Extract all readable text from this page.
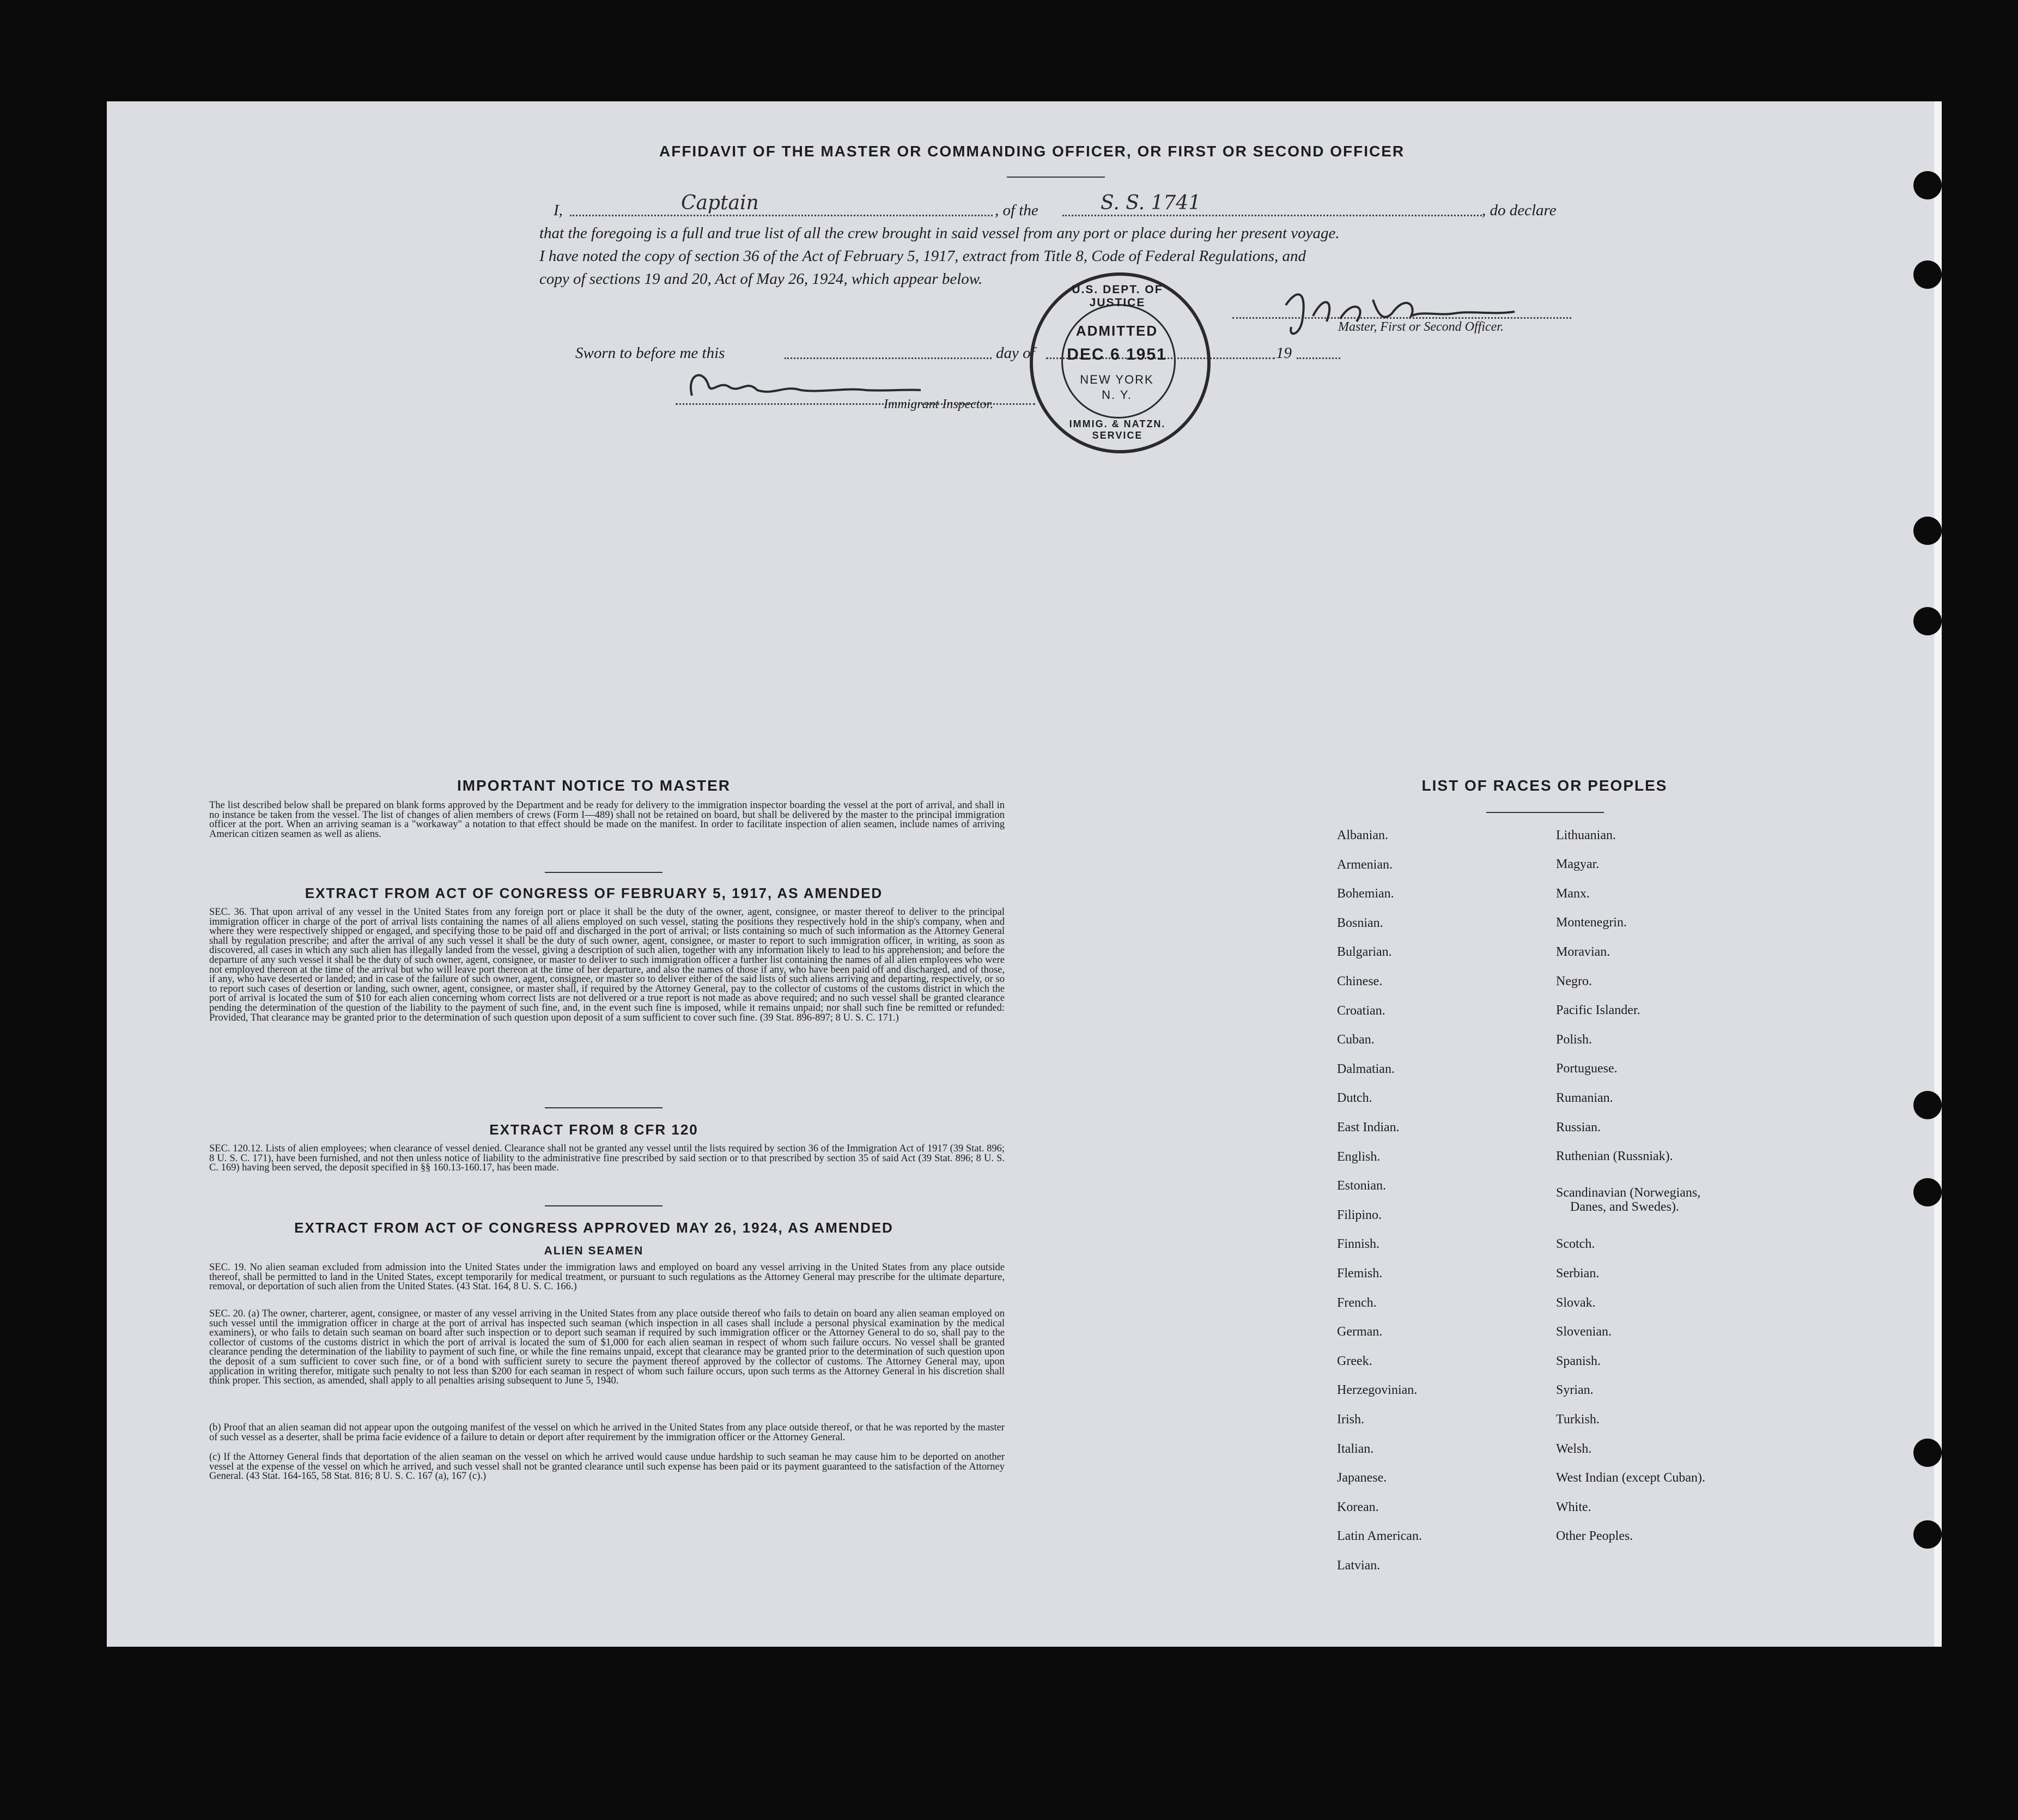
AFFIDAVIT OF THE MASTER OR COMMANDING OFFICER, OR FIRST OR SECOND OFFICER
I,	Captain	, of the	S. S. 1741	, do declare
that the foregoing is a full and true list of all the crew brought in said vessel from any port or place during her present voyage.
I have noted the copy of section 36 of the Act of February 5, 1917, extract from Title 8, Code of Federal Regulations, and
copy of sections 19 and 20, Act of May 26, 1924, which appear below.
Master, First or Second Officer.
Sworn to before me this	day of	19
Immigrant Inspector.
U.S. DEPT. OF JUSTICE
ADMITTED
DEC 6 1951
NEW YORK
N. Y.
IMMIG. & NATZN. SERVICE
IMPORTANT NOTICE TO MASTER
The list described below shall be prepared on blank forms approved by the Department and be ready for delivery to the immigration inspector boarding the vessel at the port of arrival, and shall in no instance be taken from the vessel. The list of changes of alien members of crews (Form I—489) shall not be retained on board, but shall be delivered by the master to the principal immigration officer at the port. When an arriving seaman is a "workaway" a notation to that effect should be made on the manifest. In order to facilitate inspection of alien seamen, include names of arriving American citizen seamen as well as aliens.
EXTRACT FROM ACT OF CONGRESS OF FEBRUARY 5, 1917, AS AMENDED
SEC. 36. That upon arrival of any vessel in the United States from any foreign port or place it shall be the duty of the owner, agent, consignee, or master thereof to deliver to the principal immigration officer in charge of the port of arrival lists containing the names of all aliens employed on such vessel, stating the positions they respectively hold in the ship's company, when and where they were respectively shipped or engaged, and specifying those to be paid off and discharged in the port of arrival; or lists containing so much of such information as the Attorney General shall by regulation prescribe; and after the arrival of any such vessel it shall be the duty of such owner, agent, consignee, or master to report to such immigration officer, in writing, as soon as discovered, all cases in which any such alien has illegally landed from the vessel, giving a description of such alien, together with any information likely to lead to his apprehension; and before the departure of any such vessel it shall be the duty of such owner, agent, consignee, or master to deliver to such immigration officer a further list containing the names of all alien employees who were not employed thereon at the time of the arrival but who will leave port thereon at the time of her departure, and also the names of those if any, who have been paid off and discharged, and of those, if any, who have deserted or landed; and in case of the failure of such owner, agent, consignee, or master so to deliver either of the said lists of such aliens arriving and departing, respectively, or so to report such cases of desertion or landing, such owner, agent, consignee, or master shall, if required by the Attorney General, pay to the collector of customs of the customs district in which the port of arrival is located the sum of $10 for each alien concerning whom correct lists are not delivered or a true report is not made as above required; and no such vessel shall be granted clearance pending the determination of the question of the liability to the payment of such fine, and, in the event such fine is imposed, while it remains unpaid; nor shall such fine be remitted or refunded: Provided, That clearance may be granted prior to the determination of such question upon deposit of a sum sufficient to cover such fine. (39 Stat. 896-897; 8 U. S. C. 171.)
EXTRACT FROM 8 CFR 120
SEC. 120.12. Lists of alien employees; when clearance of vessel denied. Clearance shall not be granted any vessel until the lists required by section 36 of the Immigration Act of 1917 (39 Stat. 896; 8 U. S. C. 171), have been furnished, and not then unless notice of liability to the administrative fine prescribed by said section or to that prescribed by section 35 of said Act (39 Stat. 896; 8 U. S. C. 169) having been served, the deposit specified in §§ 160.13-160.17, has been made.
EXTRACT FROM ACT OF CONGRESS APPROVED MAY 26, 1924, AS AMENDED
ALIEN SEAMEN
SEC. 19. No alien seaman excluded from admission into the United States under the immigration laws and employed on board any vessel arriving in the United States from any place outside thereof, shall be permitted to land in the United States, except temporarily for medical treatment, or pursuant to such regulations as the Attorney General may prescribe for the ultimate departure, removal, or deportation of such alien from the United States. (43 Stat. 164, 8 U. S. C. 166.)
SEC. 20. (a) The owner, charterer, agent, consignee, or master of any vessel arriving in the United States from any place outside thereof who fails to detain on board any alien seaman employed on such vessel until the immigration officer in charge at the port of arrival has inspected such seaman (which inspection in all cases shall include a personal physical examination by the medical examiners), or who fails to detain such seaman on board after such inspection or to deport such seaman if required by such immigration officer or the Attorney General to do so, shall pay to the collector of customs of the customs district in which the port of arrival is located the sum of $1,000 for each alien seaman in respect of whom such failure occurs. No vessel shall be granted clearance pending the determination of the liability to payment of such fine, or while the fine remains unpaid, except that clearance may be granted prior to the determination of such question upon the deposit of a sum sufficient to cover such fine, or of a bond with sufficient surety to secure the payment thereof approved by the collector of customs. The Attorney General may, upon application in writing therefor, mitigate such penalty to not less than $200 for each seaman in respect of whom such failure occurs, upon such terms as the Attorney General in his discretion shall think proper. This section, as amended, shall apply to all penalties arising subsequent to June 5, 1940.
(b) Proof that an alien seaman did not appear upon the outgoing manifest of the vessel on which he arrived in the United States from any place outside thereof, or that he was reported by the master of such vessel as a deserter, shall be prima facie evidence of a failure to detain or deport after requirement by the immigration officer or the Attorney General.
(c) If the Attorney General finds that deportation of the alien seaman on the vessel on which he arrived would cause undue hardship to such seaman he may cause him to be deported on another vessel at the expense of the vessel on which he arrived, and such vessel shall not be granted clearance until such expense has been paid or its payment guaranteed to the satisfaction of the Attorney General. (43 Stat. 164-165, 58 Stat. 816; 8 U. S. C. 167 (a), 167 (c).)
LIST OF RACES OR PEOPLES
Albanian.
Armenian.
Bohemian.
Bosnian.
Bulgarian.
Chinese.
Croatian.
Cuban.
Dalmatian.
Dutch.
East Indian.
English.
Estonian.
Filipino.
Finnish.
Flemish.
French.
German.
Greek.
Herzegovinian.
Irish.
Italian.
Japanese.
Korean.
Latin American.
Latvian.
Lithuanian.
Magyar.
Manx.
Montenegrin.
Moravian.
Negro.
Pacific Islander.
Polish.
Portuguese.
Rumanian.
Russian.
Ruthenian (Russniak).
Scandinavian (Norwegians,
Danes, and Swedes).
Scotch.
Serbian.
Slovak.
Slovenian.
Spanish.
Syrian.
Turkish.
Welsh.
West Indian (except Cuban).
White.
Other Peoples.
